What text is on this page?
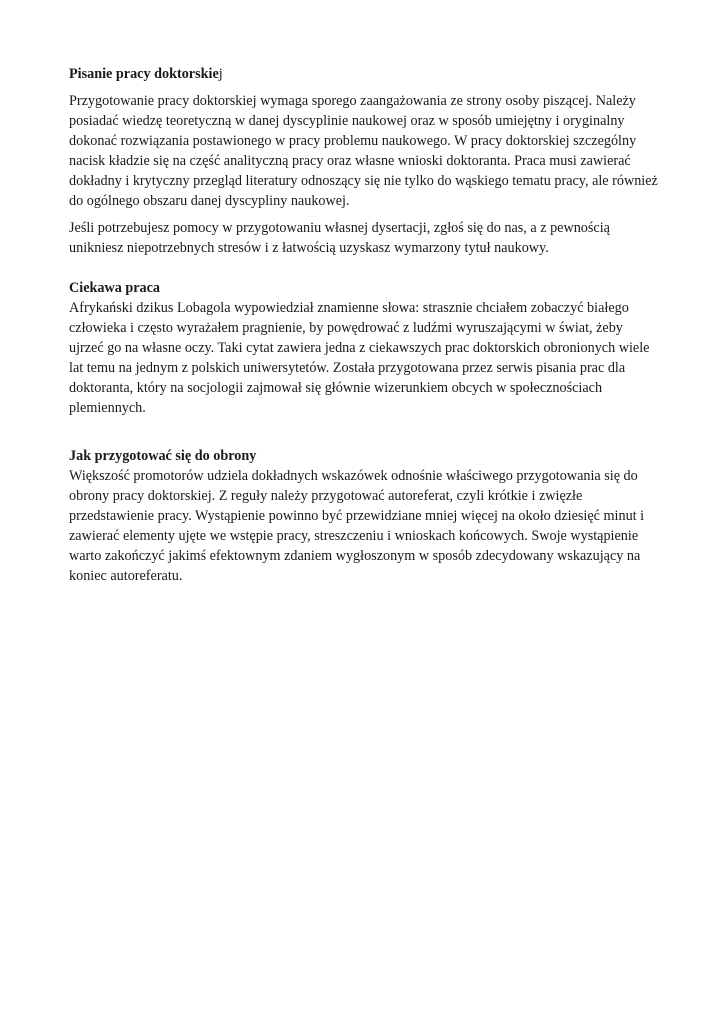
Pisanie pracy doktorskiej

Przygotowanie pracy doktorskiej wymaga sporego zaangażowania ze strony osoby piszącej. Należy posiadać wiedzę teoretyczną w danej dyscyplinie naukowej oraz w sposób umiejętny i oryginalny dokonać rozwiązania postawionego w pracy problemu naukowego. W pracy doktorskiej szczególny nacisk kładzie się na część analityczną pracy oraz własne wnioski doktoranta. Praca musi zawierać dokładny i krytyczny przegląd literatury odnoszący się nie tylko do wąskiego tematu pracy, ale również do ogólnego obszaru danej dyscypliny naukowej.

Jeśli potrzebujesz pomocy w przygotowaniu własnej dysertacji, zgłoś się do nas, a z pewnością unikniesz niepotrzebnych stresów i z łatwością uzyskasz wymarzony tytuł naukowy.

Ciekawa praca
Afrykański dzikus Lobagola wypowiedział znamienne słowa: strasznie chciałem zobaczyć białego człowieka i często wyrażałem pragnienie, by powędrować z ludźmi wyruszającymi w świat, żeby ujrzeć go na własne oczy. Taki cytat zawiera jedna z ciekawszych prac doktorskich obronionych wiele lat temu na jednym z polskich uniwersytetów. Została przygotowana przez serwis pisania prac dla doktoranta, który na socjologii zajmował się głównie wizerunkiem obcych w społecznościach plemiennych.
Jak przygotować się do obrony
Większość promotorów udziela dokładnych wskazówek odnośnie właściwego przygotowania się do obrony pracy doktorskiej. Z reguły należy przygotować autoreferat, czyli krótkie i zwięzłe przedstawienie pracy. Wystąpienie powinno być przewidziane mniej więcej na około dziesięć minut i zawierać elementy ujęte we wstępie pracy, streszczeniu i wnioskach końcowych. Swoje wystąpienie warto zakończyć jakimś efektownym zdaniem wygłoszonym w sposób zdecydowany wskazujący na koniec autoreferatu.
